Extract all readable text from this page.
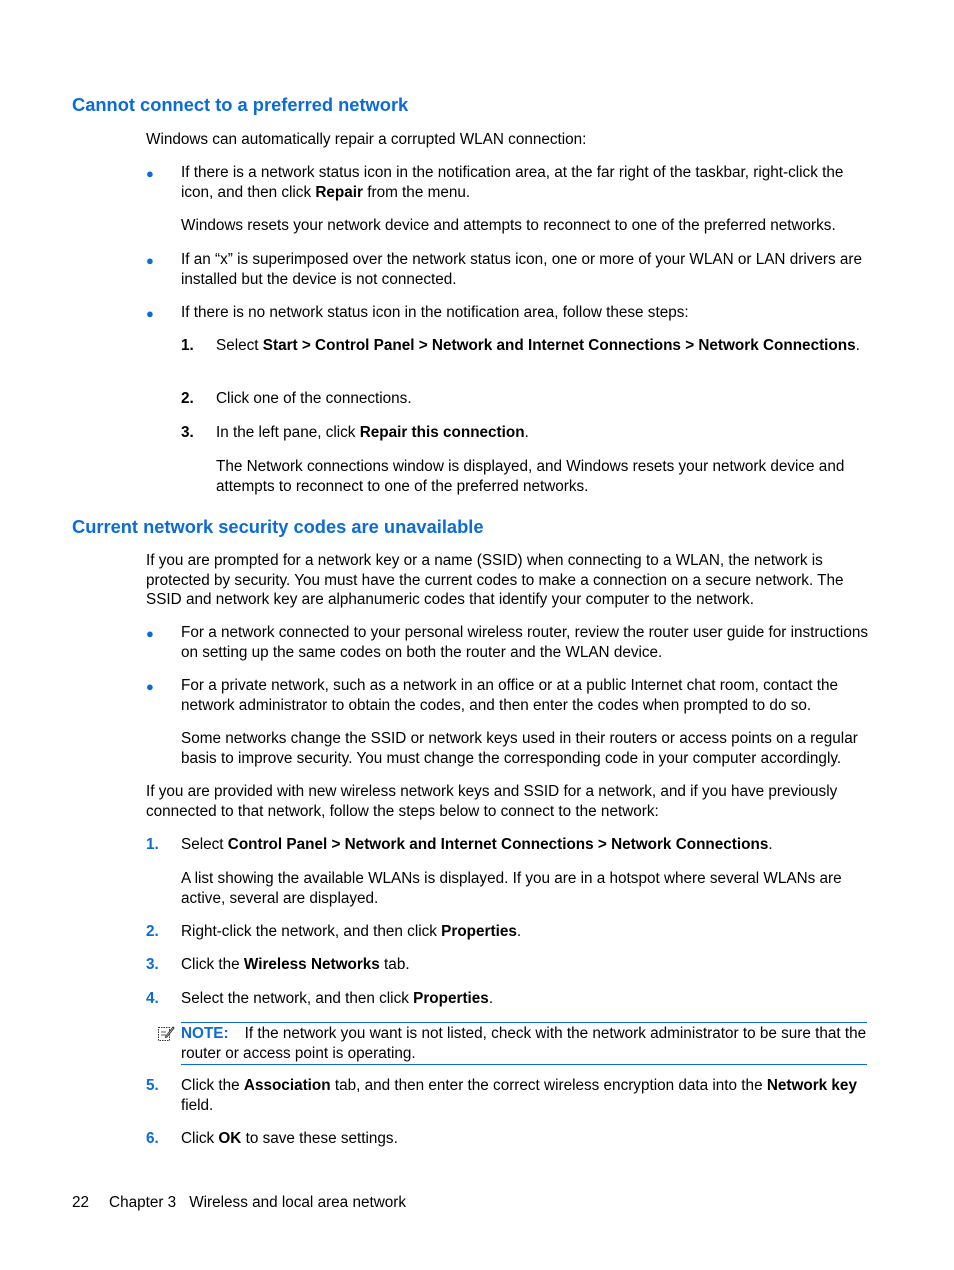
Cannot connect to a preferred network
Windows can automatically repair a corrupted WLAN connection:
● If there is a network status icon in the notification area, at the far right of the taskbar, right-click the icon, and then click Repair from the menu.
Windows resets your network device and attempts to reconnect to one of the preferred networks.
● If an “x” is superimposed over the network status icon, one or more of your WLAN or LAN drivers are installed but the device is not connected.
● If there is no network status icon in the notification area, follow these steps:
1. Select Start > Control Panel > Network and Internet Connections > Network Connections.
2. Click one of the connections.
3. In the left pane, click Repair this connection.
The Network connections window is displayed, and Windows resets your network device and attempts to reconnect to one of the preferred networks.
Current network security codes are unavailable
If you are prompted for a network key or a name (SSID) when connecting to a WLAN, the network is protected by security. You must have the current codes to make a connection on a secure network. The SSID and network key are alphanumeric codes that identify your computer to the network.
● For a network connected to your personal wireless router, review the router user guide for instructions on setting up the same codes on both the router and the WLAN device.
● For a private network, such as a network in an office or at a public Internet chat room, contact the network administrator to obtain the codes, and then enter the codes when prompted to do so.
Some networks change the SSID or network keys used in their routers or access points on a regular basis to improve security. You must change the corresponding code in your computer accordingly.
If you are provided with new wireless network keys and SSID for a network, and if you have previously connected to that network, follow the steps below to connect to the network:
1. Select Control Panel > Network and Internet Connections > Network Connections.
A list showing the available WLANs is displayed. If you are in a hotspot where several WLANs are active, several are displayed.
2. Right-click the network, and then click Properties.
3. Click the Wireless Networks tab.
4. Select the network, and then click Properties.
NOTE: If the network you want is not listed, check with the network administrator to be sure that the router or access point is operating.
5. Click the Association tab, and then enter the correct wireless encryption data into the Network key field.
6. Click OK to save these settings.
22 Chapter 3 Wireless and local area network
